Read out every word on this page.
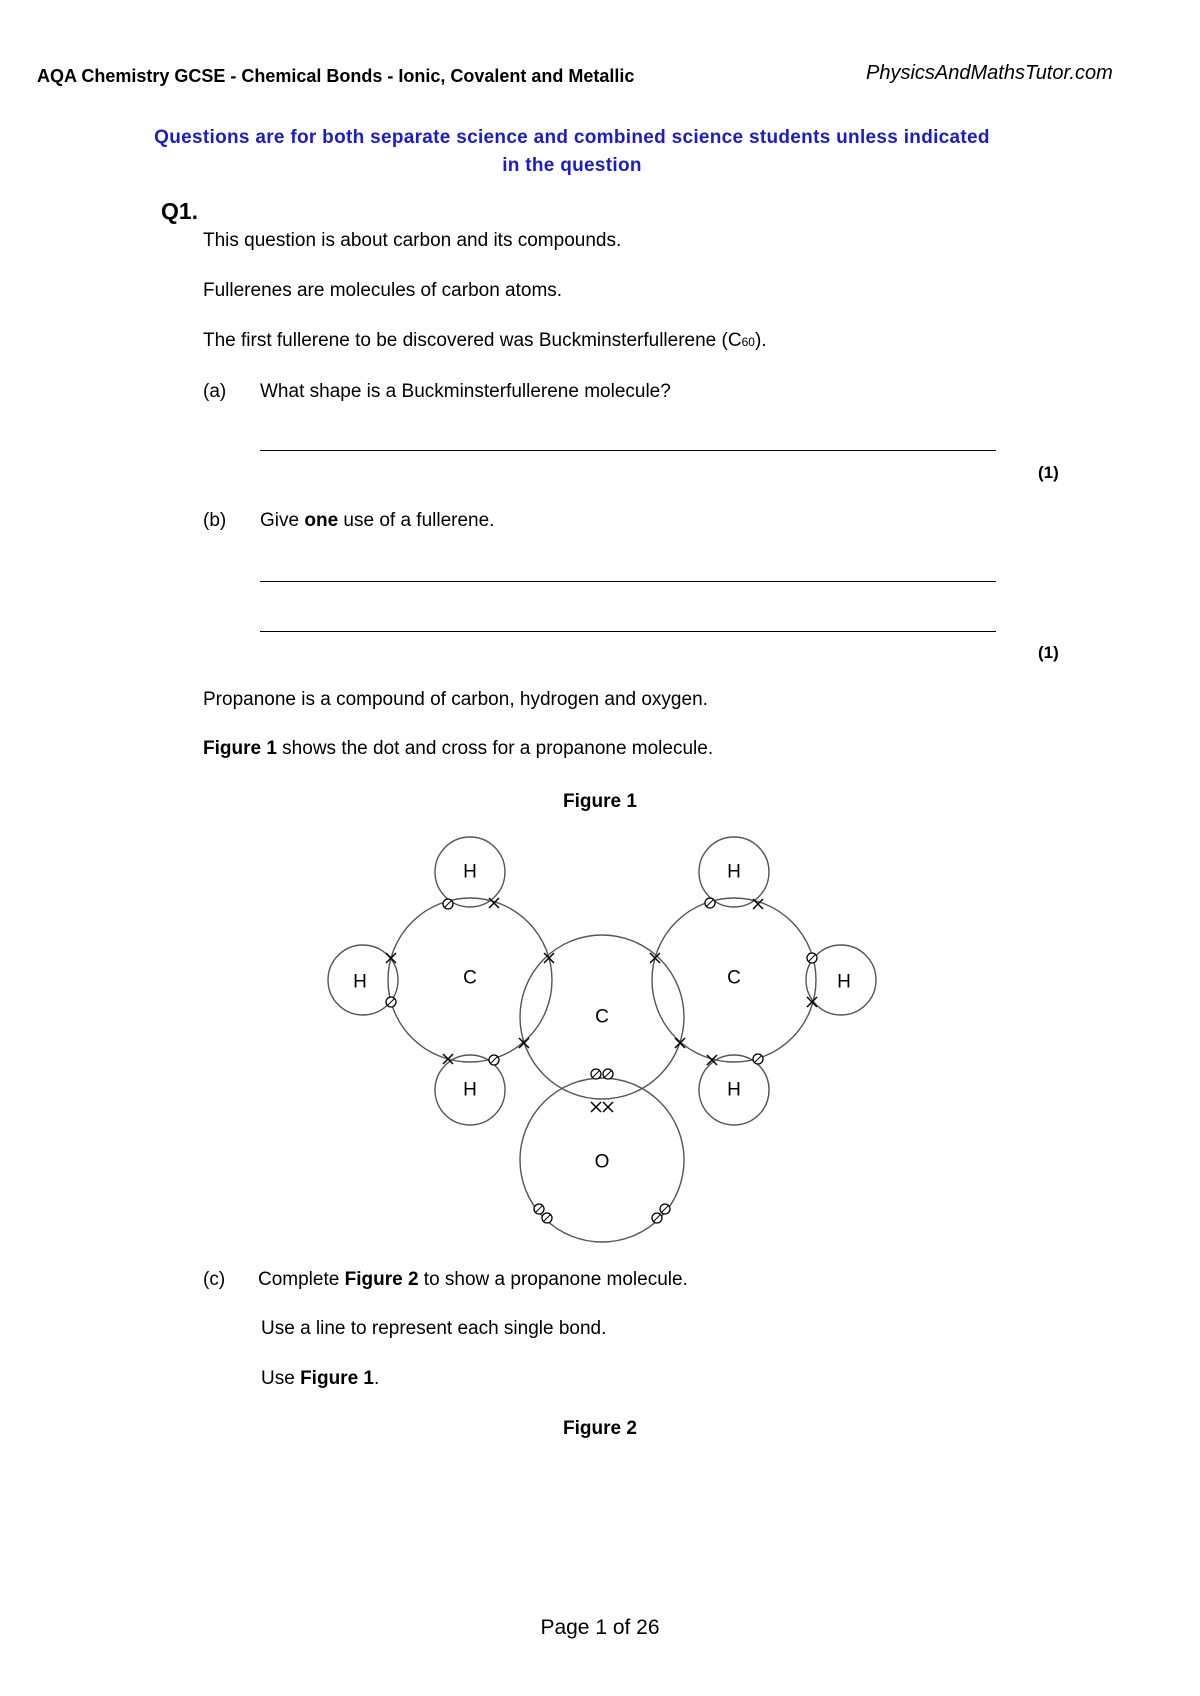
AQA Chemistry GCSE - Chemical Bonds - Ionic, Covalent and Metallic	PhysicsAndMathsTutor.com
Questions are for both separate science and combined science students unless indicated
in the question
Q1.
This question is about carbon and its compounds.
Fullerenes are molecules of carbon atoms.
The first fullerene to be discovered was Buckminsterfullerene (C60).
(a) What shape is a Buckminsterfullerene molecule?
(1)
(b) Give one use of a fullerene.
(1)
Propanone is a compound of carbon, hydrogen and oxygen.
Figure 1 shows the dot and cross for a propanone molecule.
Figure 1
H
H
H
C
C
C
O
H
H
H
(c) Complete Figure 2 to show a propanone molecule.
Use a line to represent each single bond.
Use Figure 1.
Figure 2
Page 1 of 26
